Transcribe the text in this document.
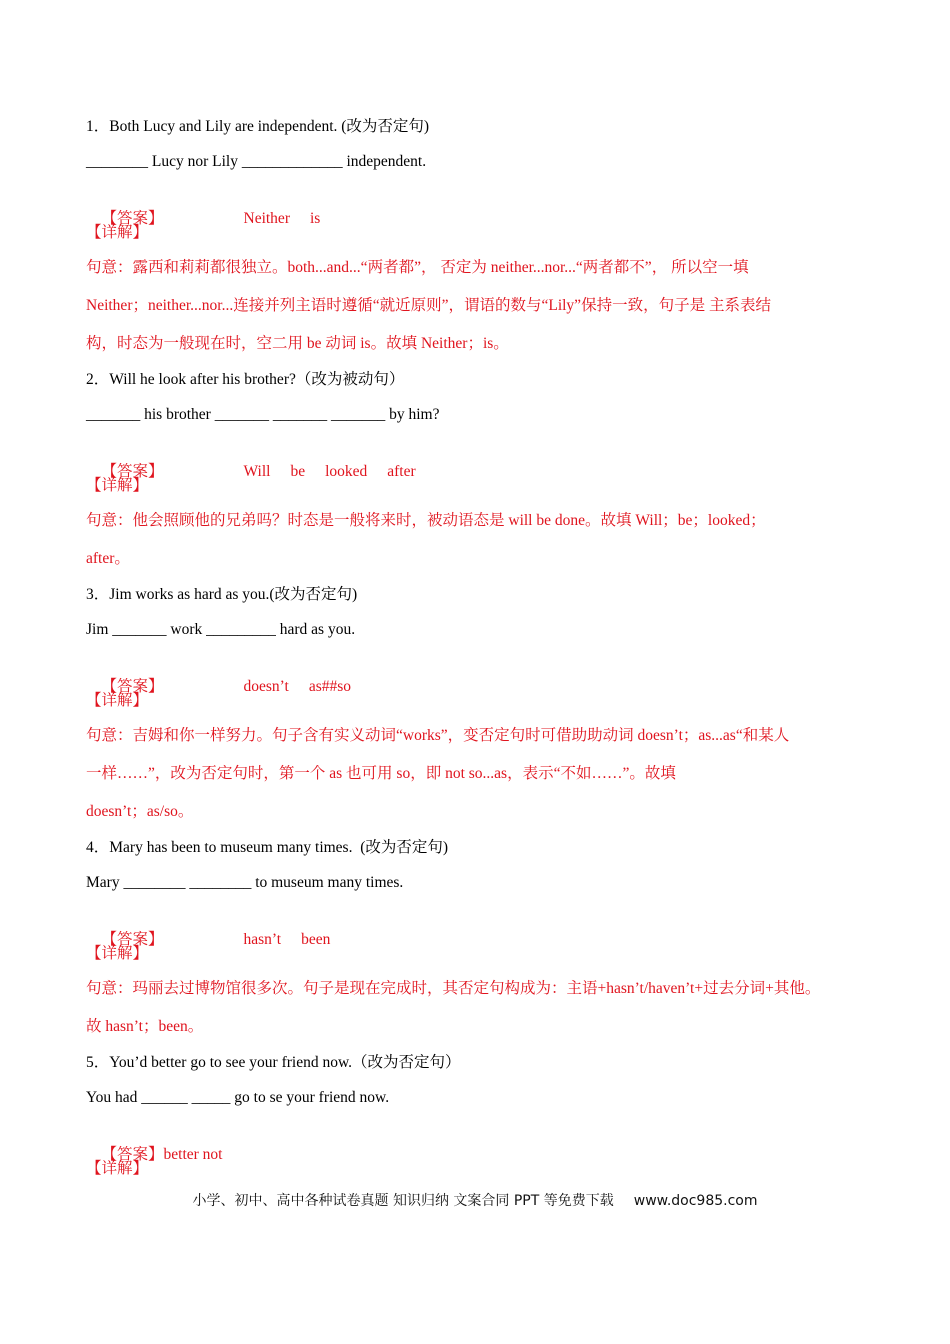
1．Both Lucy and Lily are independent. (改为否定句)
________ Lucy nor Lily _____________ independent.

【答案】	Neither is

【详解】
句意：露西和莉莉都很独立。both...and...“两者都”， 否定为 neither...nor...“两者都不”， 所以空一填
Neither；neither...nor...连接并列主语时遵循“就近原则”，谓语的数与“Lily”保持一致，句子是 主系表结
构，时态为一般现在时，空二用 be 动词 is。故填 Neither；is。
2．Will he look after his brother?（改为被动句）
_______ his brother _______ _______ _______ by him?

【答案】	Will be looked after

【详解】
句意：他会照顾他的兄弟吗？时态是一般将来时，被动语态是 will be done。故填 Will；be；looked；
after。
3．Jim works as hard as you.(改为否定句)
Jim _______ work _________ hard as you.

【答案】	doesn’t as##so

【详解】
句意：吉姆和你一样努力。句子含有实义动词“works”，变否定句时可借助助动词 doesn’t；as...as“和某人
一样……”，改为否定句时，第一个 as 也可用 so，即 not so...as，表示“不如……”。故填
doesn’t；as/so。
4．Mary has been to museum many times.  (改为否定句)
Mary ________ ________ to museum many times.

【答案】	hasn’t been

【详解】
句意：玛丽去过博物馆很多次。句子是现在完成时，其否定句构成为：主语+hasn’t/haven’t+过去分词+其他。
故 hasn’t；been。
5．You’d better go to see your friend now.（改为否定句）
You had ______ _____ go to se your friend now.

【答案】better not

【详解】
小学、初中、高中各种试卷真题 知识归纳 文案合同 PPT 等免费下载 www.doc985.com
